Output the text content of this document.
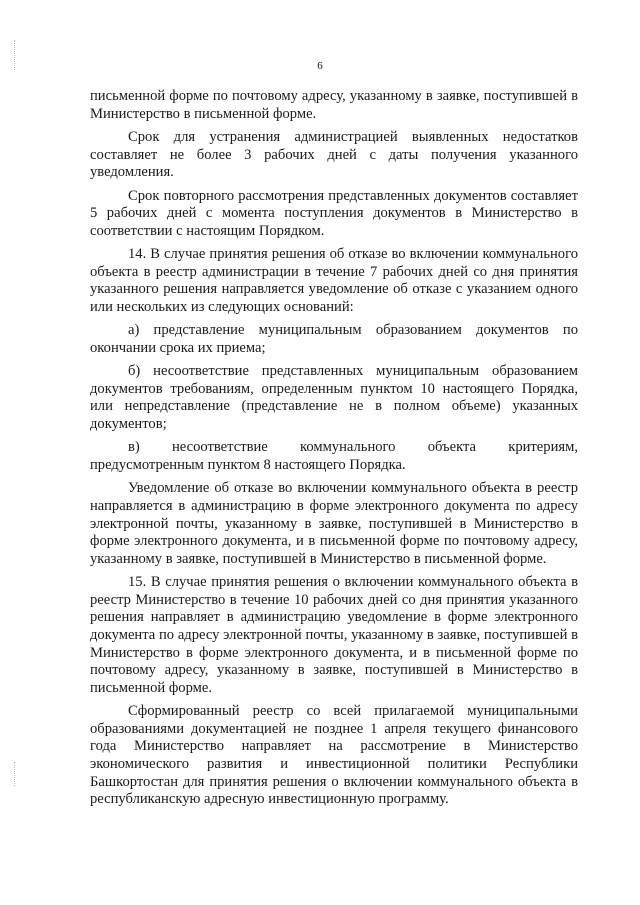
6

письменной форме по почтовому адресу, указанному в заявке, поступившей в Министерство в письменной форме.

Срок для устранения администрацией выявленных недостатков составляет не более 3 рабочих дней с даты получения указанного уведомления.

Срок повторного рассмотрения представленных документов составляет 5 рабочих дней с момента поступления документов в Министерство в соответствии с настоящим Порядком.

14. В случае принятия решения об отказе во включении коммунального объекта в реестр администрации в течение 7 рабочих дней со дня принятия указанного решения направляется уведомление об отказе с указанием одного или нескольких из следующих оснований:

а) представление муниципальным образованием документов по окончании срока их приема;

б) несоответствие представленных муниципальным образованием документов требованиям, определенным пунктом 10 настоящего Порядка, или непредставление (представление не в полном объеме) указанных документов;

в) несоответствие коммунального объекта критериям, предусмотренным пунктом 8 настоящего Порядка.

Уведомление об отказе во включении коммунального объекта в реестр направляется в администрацию в форме электронного документа по адресу электронной почты, указанному в заявке, поступившей в Министерство в форме электронного документа, и в письменной форме по почтовому адресу, указанному в заявке, поступившей в Министерство в письменной форме.

15. В случае принятия решения о включении коммунального объекта в реестр Министерство в течение 10 рабочих дней со дня принятия указанного решения направляет в администрацию уведомление в форме электронного документа по адресу электронной почты, указанному в заявке, поступившей в Министерство в форме электронного документа, и в письменной форме по почтовому адресу, указанному в заявке, поступившей в Министерство в письменной форме.

Сформированный реестр со всей прилагаемой муниципальными образованиями документацией не позднее 1 апреля текущего финансового года Министерство направляет на рассмотрение в Министерство экономического развития и инвестиционной политики Республики Башкортостан для принятия решения о включении коммунального объекта в республиканскую адресную инвестиционную программу.
